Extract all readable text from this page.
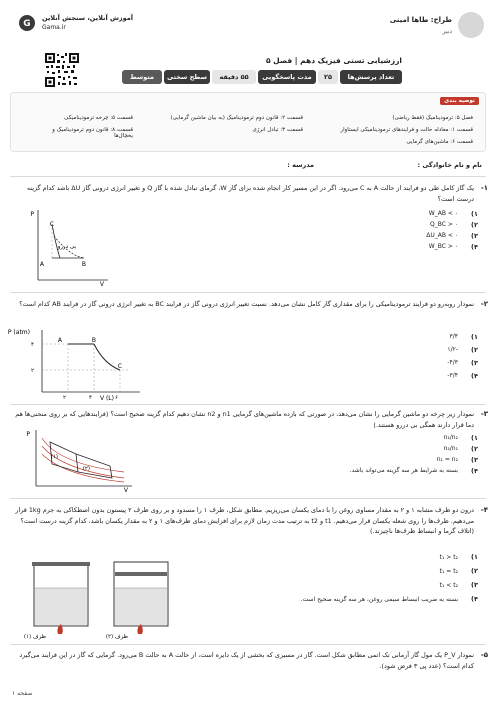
طراح: طاها امینی
دبیر
آموزش آنلاین، سنجش آنلاین
Gama.ir
G
ارزشیابی تستی فیزیک دهم | فصل ۵
تعداد پرسش‌ها
۲۵
مدت پاسخگویی
۵۵ دقیقه
سطح سختی
متوسط
توصیه بندی
فصل ۵: ترمودینامیک (فقط ریاضی)
قسمت ۲: قانون دوم ترمودینامیک (به بیان ماشین گرمایی)
قسمت ۵: چرخه ترمودینامیکی
قسمت ۱: معادله حالت و فرایندهای ترمودینامیکی ایستاوار
قسمت ۳: تبادل انرژی
قسمت ۸: قانون دوم ترمودینامیک و یخچال‌ها
قسمت ۶: ماشین‌های گرمایی
نام و نام خانوادگی :
مدرسه :
۱-
یک گاز کامل طی دو فرایند از حالت A به C می‌رود. اگر در این مسیر کار انجام شده برای گاز W، گرمای تبادل شده با گاز Q و تغییر انرژی درونی گاز ΔU باشد کدام گزینه درست است؟
P
V
C
A	B
بی دررو
۱)
W_AB < ۰
۲)
Q_BC > ۰
۳)
ΔU_AB < ۰
۴)
W_BC > ۰
۲-
نمودار روبه‌رو دو فرایند ترمودینامیکی را برای مقداری گاز کامل نشان می‌دهد. نسبت تغییر انرژی درونی گاز در فرایند BC به تغییر انرژی درونی گاز در فرایند AB کدام است؟
P (atm)
V (L)
A	B
C
۴
۲
۲	۴	۶
۱)
۳/۴
۲)
-۱/۲
۳)
۴/۳-
۴)
۳/۴-
۳-
نمودار زیر چرخه دو ماشین گرمایی را نشان می‌دهد، در صورتی که بازده ماشین‌های گرمایی n1 و n2 نشان دهیم کدام گزینه صحیح است؟ (فرایندهایی که بر روی منحنی‌ها هم دما قرار دارند همگی بی دررو هستند.)
P
V
(۱)
(۲)
۱)
n₁/n₂
۲)
n₂/n₁
۳)
n₁ = n₂
۴)
بسته به شرایط هر سه گزینه می‌تواند باشد.
۴-
درون دو ظرف مشابه ۱ و ۲ به مقدار مساوی روغن را با دمای یکسان می‌ریزیم. مطابق شکل، ظرف ۱ را مسدود و بر روی ظرف ۲ پیستون بدون اصطکاکی به جرم 1kg قرار می‌دهیم. ظرف‌ها را روی شعله یکسان قرار می‌دهیم. t1 و t2 به ترتیب مدت زمان لازم برای افزایش دمای ظرف‌های ۱ و ۲ به مقدار یکسان باشد، کدام گزینه درست است؟ (اتلاف گرما و انبساط ظرف‌ها ناچیزند.)
ظرف (۱)	ظرف (۲)
۱)
t₁ > t₂
۲)
t₁ = t₂
۳)
t₁ < t₂
۴)
بسته به ضریب انبساط سیمی روغن، هر سه گزینه صحیح است.
۵-
نمودار P_V یک مول گاز آرمانی تک اتمی مطابق شکل است. گاز در مسیری که بخشی از یک دایره است، از حالت A به حالت B می‌رود. گرمایی که گاز در این فرایند می‌گیرد کدام است؟ (عدد پی ۳ فرض شود).
صفحه ۱
